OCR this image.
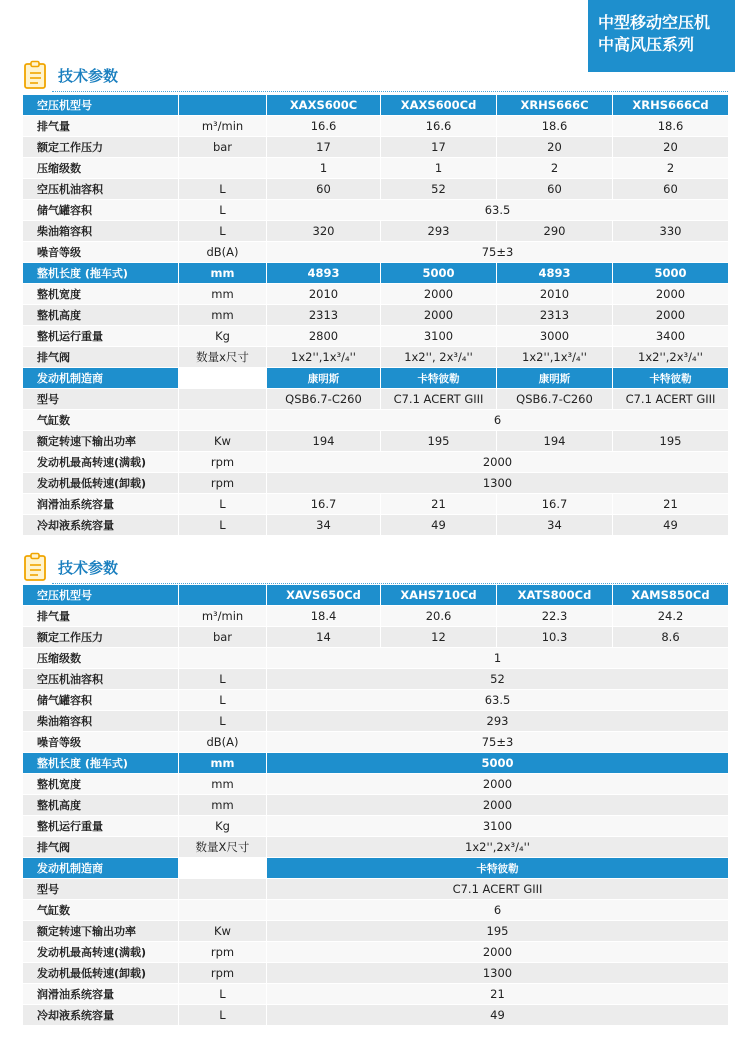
中型移动空压机
中高风压系列
技术参数
空压机型号		XAXS600C	XAXS600Cd	XRHS666C	XRHS666Cd
排气量	m³/min	16.6	16.6	18.6	18.6
额定工作压力	bar	17	17	20	20
压缩级数		1	1	2	2
空压机油容积	L	60	52	60	60
储气罐容积	L	63.5			
柴油箱容积	L	320	293	290	330
噪音等级	dB(A)	75±3			
整机长度 (拖车式)	mm	4893	5000	4893	5000
整机宽度	mm	2010	2000	2010	2000
整机高度	mm	2313	2000	2313	2000
整机运行重量	Kg	2800	3100	3000	3400
排气阀	数量x尺寸	1x2'',1x³/₄''	1x2'', 2x³/₄''	1x2'',1x³/₄''	1x2'',2x³/₄''
发动机制造商		康明斯	卡特彼勒	康明斯	卡特彼勒
型号		QSB6.7-C260	C7.1 ACERT GIII	QSB6.7-C260	C7.1 ACERT GIII
气缸数		6			
额定转速下输出功率	Kw	194	195	194	195
发动机最高转速(满载)	rpm	2000			
发动机最低转速(卸载)	rpm	1300			
润滑油系统容量	L	16.7	21	16.7	21
冷却液系统容量	L	34	49	34	49
技术参数
空压机型号		XAVS650Cd	XAHS710Cd	XATS800Cd	XAMS850Cd
排气量	m³/min	18.4	20.6	22.3	24.2
额定工作压力	bar	14	12	10.3	8.6
压缩级数		1			
空压机油容积	L	52			
储气罐容积	L	63.5			
柴油箱容积	L	293			
噪音等级	dB(A)	75±3			
整机长度 (拖车式)	mm	5000			
整机宽度	mm	2000			
整机高度	mm	2000			
整机运行重量	Kg	3100			
排气阀	数量X尺寸	1x2'',2x³/₄''			
发动机制造商		卡特彼勒			
型号		C7.1 ACERT GIII			
气缸数		6			
额定转速下输出功率	Kw	195			
发动机最高转速(满载)	rpm	2000			
发动机最低转速(卸载)	rpm	1300			
润滑油系统容量	L	21			
冷却液系统容量	L	49			
